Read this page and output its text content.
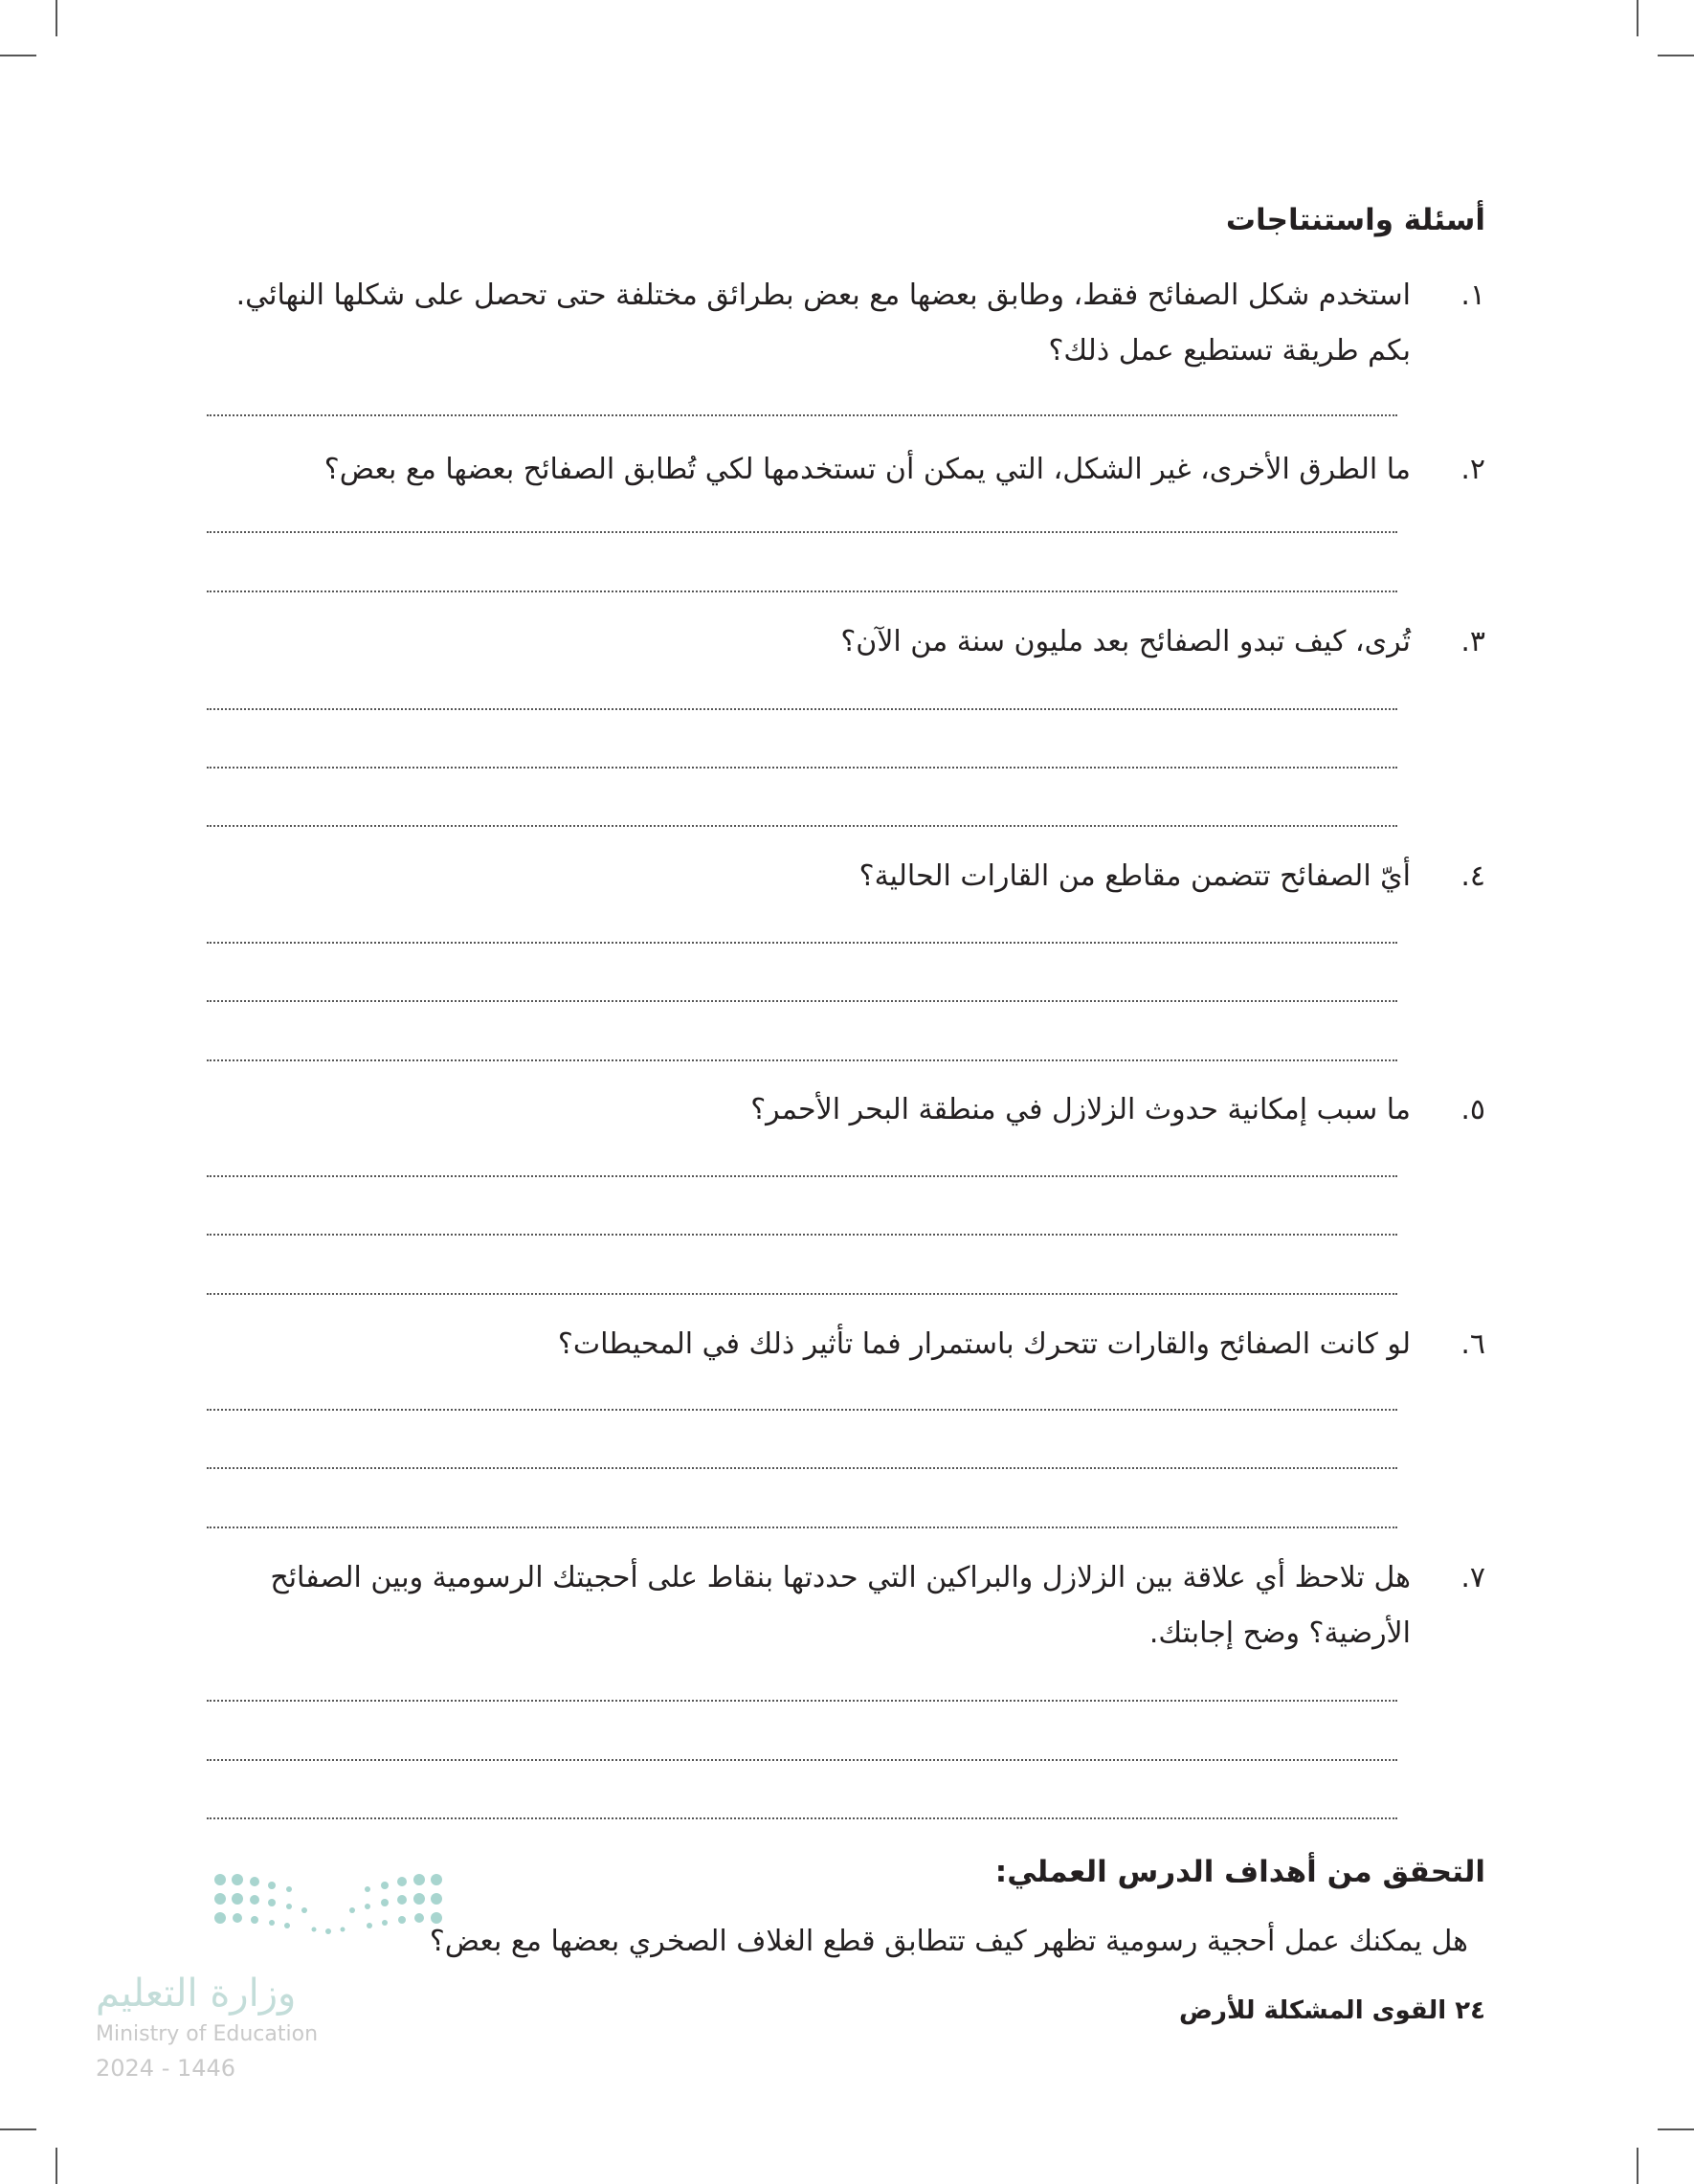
أسئلة واستنتاجات
١.
استخدم شكل الصفائح فقط، وطابق بعضها مع بعض بطرائق مختلفة حتى تحصل على شكلها النهائي. بكم طريقة تستطيع عمل ذلك؟
٢.
ما الطرق الأخرى، غير الشكل، التي يمكن أن تستخدمها لكي تُطابق الصفائح بعضها مع بعض؟
٣.
تُرى، كيف تبدو الصفائح بعد مليون سنة من الآن؟
٤.
أيّ الصفائح تتضمن مقاطع من القارات الحالية؟
٥.
ما سبب إمكانية حدوث الزلازل في منطقة البحر الأحمر؟
٦.
لو كانت الصفائح والقارات تتحرك باستمرار فما تأثير ذلك في المحيطات؟
٧.
هل تلاحظ أي علاقة بين الزلازل والبراكين التي حددتها بنقاط على أحجيتك الرسومية وبين الصفائح الأرضية؟ وضح إجابتك.
التحقق من أهداف الدرس العملي:
هل يمكنك عمل أحجية رسومية تظهر كيف تتطابق قطع الغلاف الصخري بعضها مع بعض؟
٢٤ القوى المشكلة للأرض
وزارة التعليم
Ministry of Education
2024 - 1446
